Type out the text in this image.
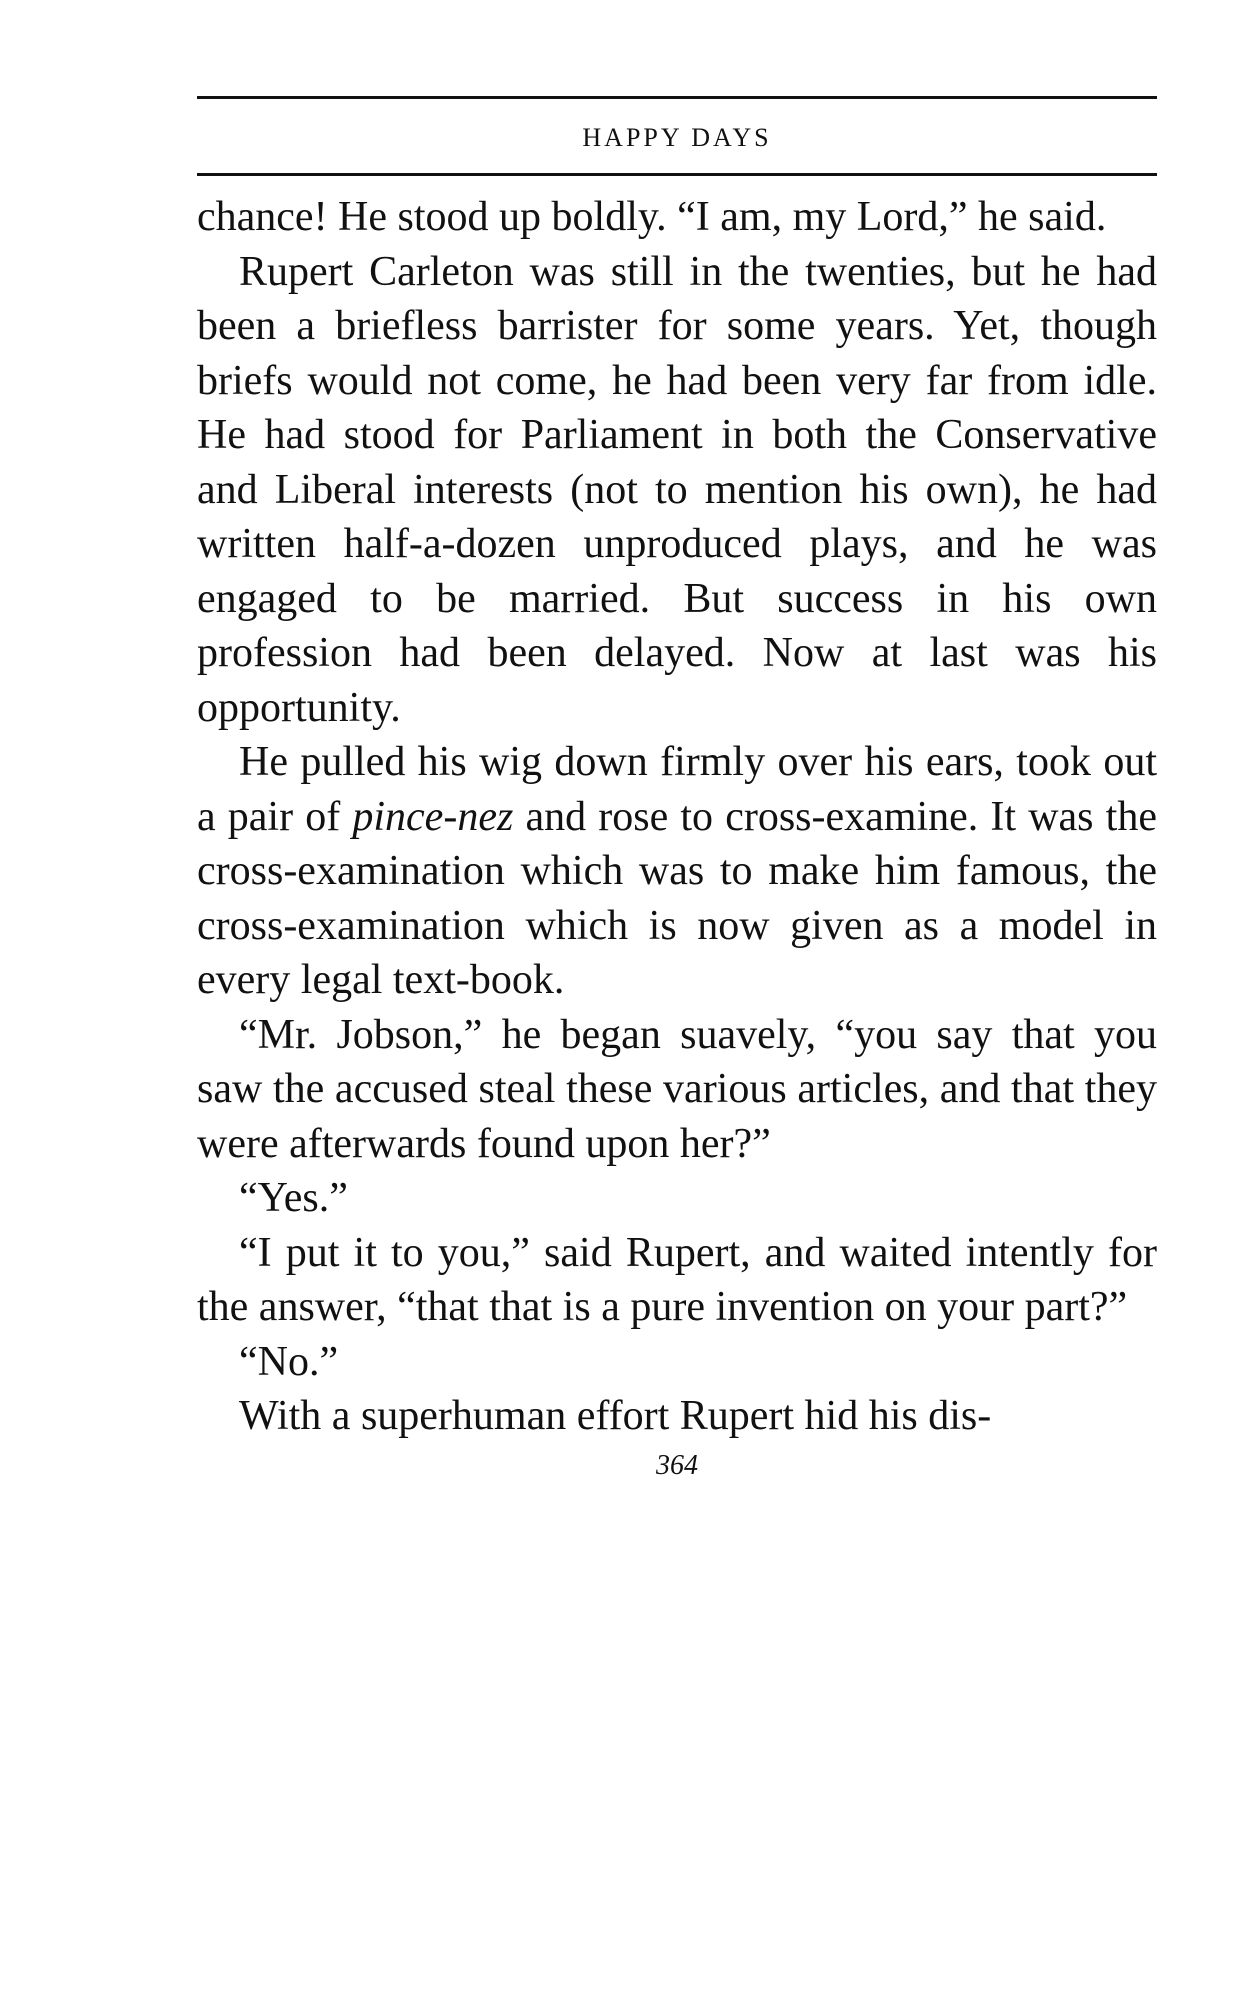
HAPPY DAYS

chance! He stood up boldly. “I am, my Lord,” he said.

Rupert Carleton was still in the twenties, but he had been a briefless barrister for some years. Yet, though briefs would not come, he had been very far from idle. He had stood for Parliament in both the Conservative and Liberal interests (not to mention his own), he had written half-a-dozen unproduced plays, and he was engaged to be married. But success in his own profession had been delayed. Now at last was his opportunity.

He pulled his wig down firmly over his ears, took out a pair of pince-nez and rose to cross-examine. It was the cross-examination which was to make him famous, the cross-examination which is now given as a model in every legal text-book.

“Mr. Jobson,” he began suavely, “you say that you saw the accused steal these various articles, and that they were afterwards found upon her?”

“Yes.”

“I put it to you,” said Rupert, and waited intently for the answer, “that that is a pure invention on your part?”

“No.”

With a superhuman effort Rupert hid his dis-

364
